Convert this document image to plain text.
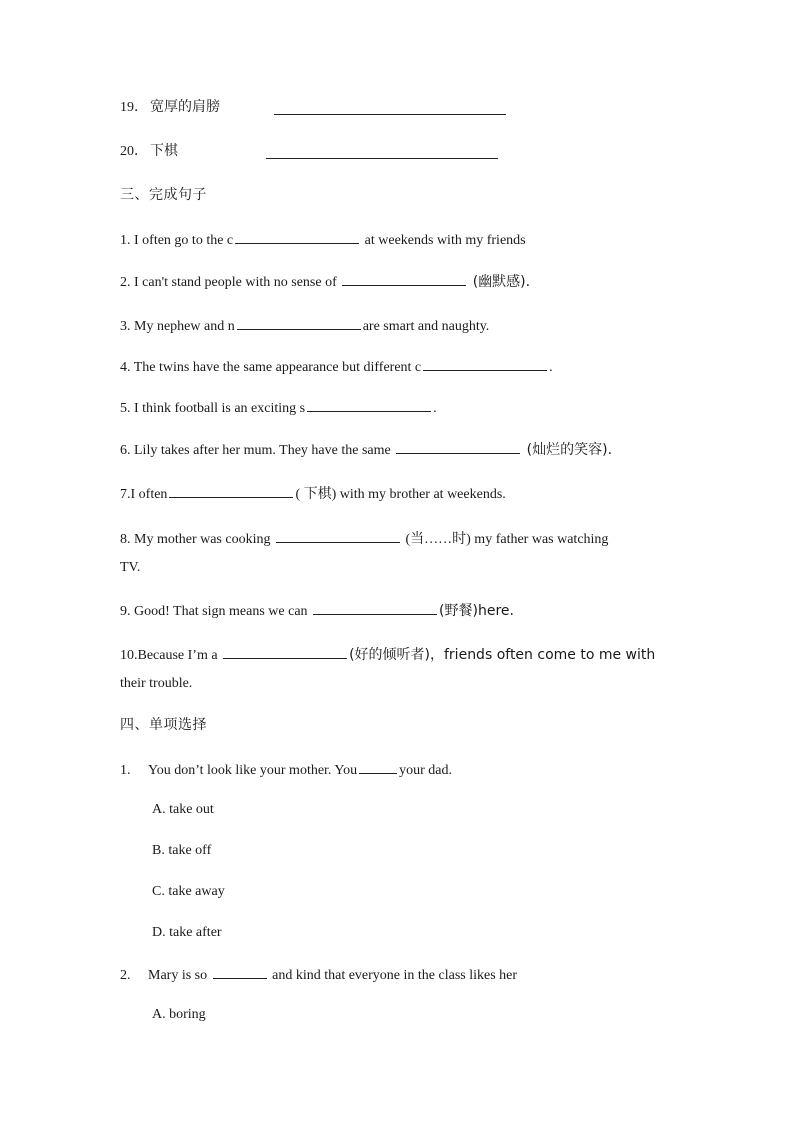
19． 宽厚的肩膀
20． 下棋
三、完成句子
1. I often go to the c	at weekends with my friends
2. I can't stand people with no sense of	(幽默感).
3. My nephew and n	are smart and naughty.
4. The twins have the same appearance but different c	.
5. I think football is an exciting s	.
6. Lily takes after her mum. They have the same	(灿烂的笑容).
7.I often	( 下棋) with my brother at weekends.
8. My mother was cooking	(当……时) my father was watching
TV.
9. Good! That sign means we can	(野餐)here.
10.Because I’m a	(好的倾听者)，friends often come to me with
their trouble.
四、单项选择
1. You don’t look like your mother. You	your dad.
A. take out
B. take off
C. take away
D. take after
2. Mary is so	and kind that everyone in the class likes her
A. boring
